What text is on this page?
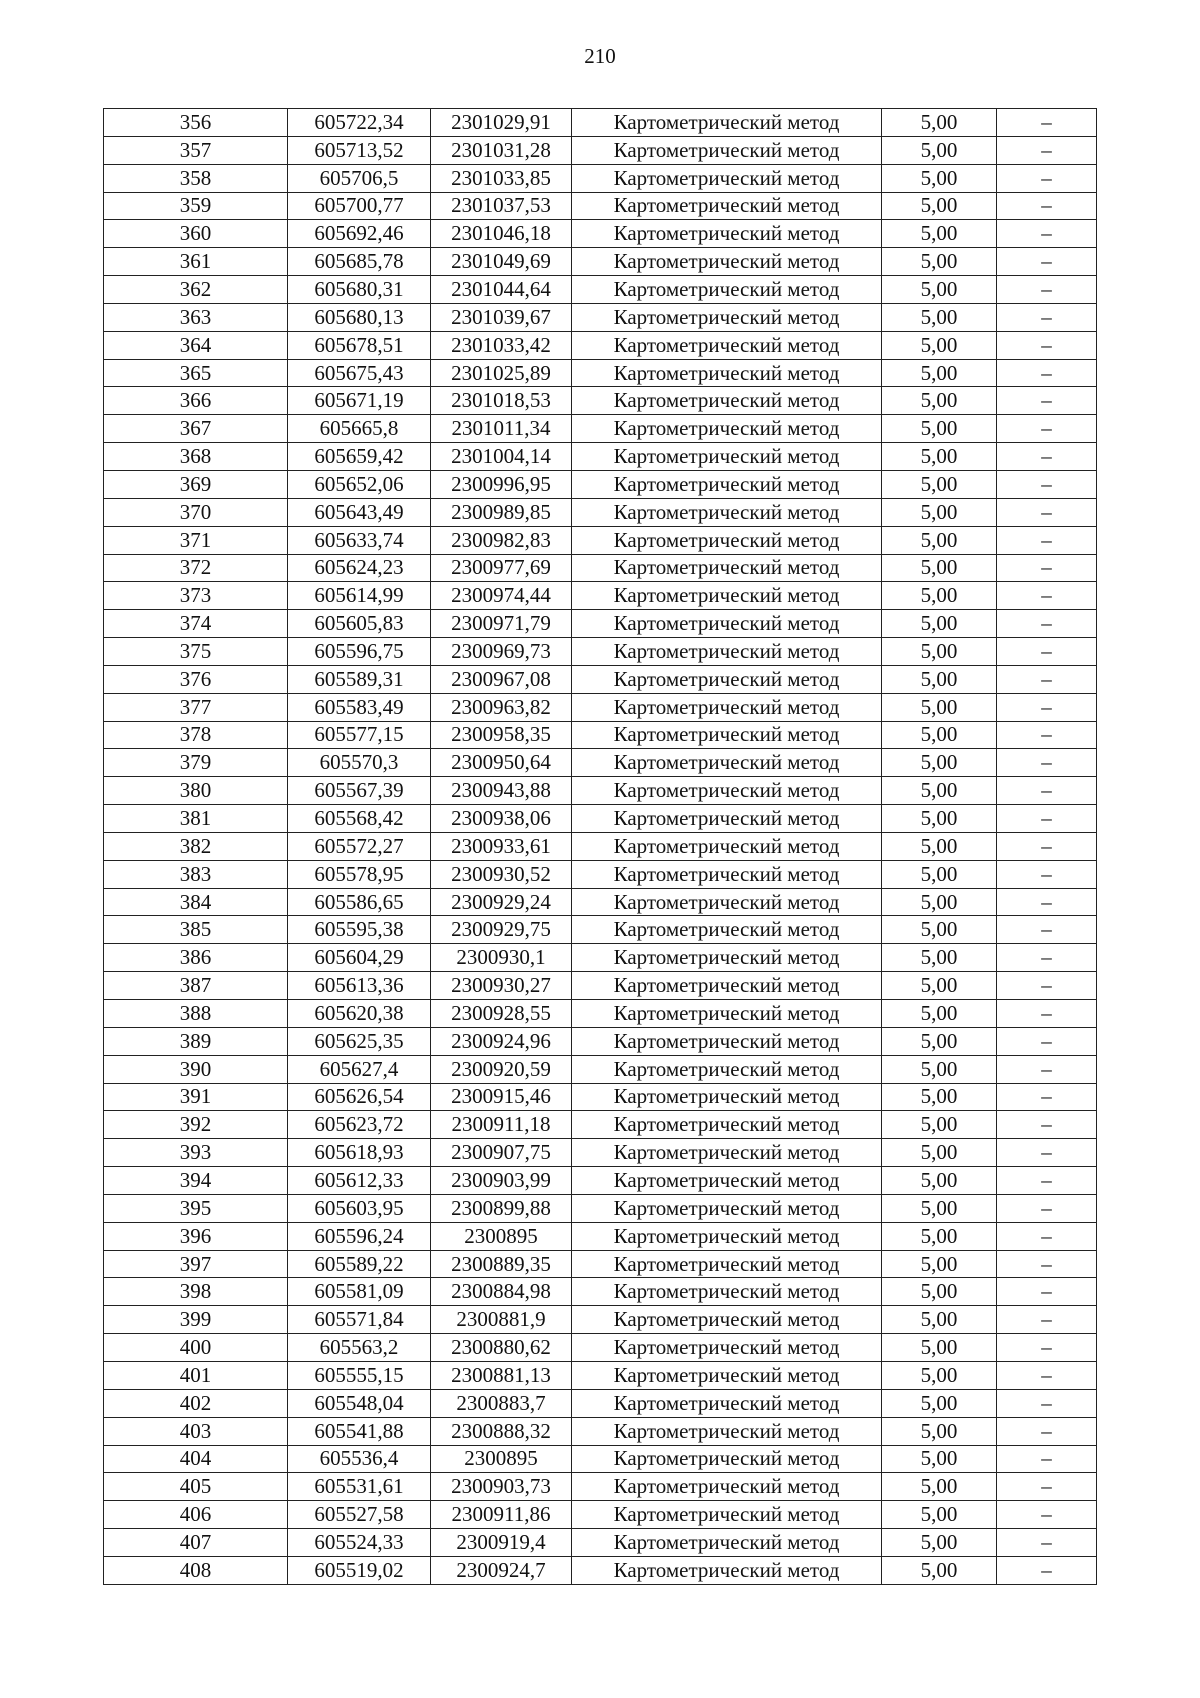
210
356	605722,34	2301029,91	Картометрический метод	5,00	–
357	605713,52	2301031,28	Картометрический метод	5,00	–
358	605706,5	2301033,85	Картометрический метод	5,00	–
359	605700,77	2301037,53	Картометрический метод	5,00	–
360	605692,46	2301046,18	Картометрический метод	5,00	–
361	605685,78	2301049,69	Картометрический метод	5,00	–
362	605680,31	2301044,64	Картометрический метод	5,00	–
363	605680,13	2301039,67	Картометрический метод	5,00	–
364	605678,51	2301033,42	Картометрический метод	5,00	–
365	605675,43	2301025,89	Картометрический метод	5,00	–
366	605671,19	2301018,53	Картометрический метод	5,00	–
367	605665,8	2301011,34	Картометрический метод	5,00	–
368	605659,42	2301004,14	Картометрический метод	5,00	–
369	605652,06	2300996,95	Картометрический метод	5,00	–
370	605643,49	2300989,85	Картометрический метод	5,00	–
371	605633,74	2300982,83	Картометрический метод	5,00	–
372	605624,23	2300977,69	Картометрический метод	5,00	–
373	605614,99	2300974,44	Картометрический метод	5,00	–
374	605605,83	2300971,79	Картометрический метод	5,00	–
375	605596,75	2300969,73	Картометрический метод	5,00	–
376	605589,31	2300967,08	Картометрический метод	5,00	–
377	605583,49	2300963,82	Картометрический метод	5,00	–
378	605577,15	2300958,35	Картометрический метод	5,00	–
379	605570,3	2300950,64	Картометрический метод	5,00	–
380	605567,39	2300943,88	Картометрический метод	5,00	–
381	605568,42	2300938,06	Картометрический метод	5,00	–
382	605572,27	2300933,61	Картометрический метод	5,00	–
383	605578,95	2300930,52	Картометрический метод	5,00	–
384	605586,65	2300929,24	Картометрический метод	5,00	–
385	605595,38	2300929,75	Картометрический метод	5,00	–
386	605604,29	2300930,1	Картометрический метод	5,00	–
387	605613,36	2300930,27	Картометрический метод	5,00	–
388	605620,38	2300928,55	Картометрический метод	5,00	–
389	605625,35	2300924,96	Картометрический метод	5,00	–
390	605627,4	2300920,59	Картометрический метод	5,00	–
391	605626,54	2300915,46	Картометрический метод	5,00	–
392	605623,72	2300911,18	Картометрический метод	5,00	–
393	605618,93	2300907,75	Картометрический метод	5,00	–
394	605612,33	2300903,99	Картометрический метод	5,00	–
395	605603,95	2300899,88	Картометрический метод	5,00	–
396	605596,24	2300895	Картометрический метод	5,00	–
397	605589,22	2300889,35	Картометрический метод	5,00	–
398	605581,09	2300884,98	Картометрический метод	5,00	–
399	605571,84	2300881,9	Картометрический метод	5,00	–
400	605563,2	2300880,62	Картометрический метод	5,00	–
401	605555,15	2300881,13	Картометрический метод	5,00	–
402	605548,04	2300883,7	Картометрический метод	5,00	–
403	605541,88	2300888,32	Картометрический метод	5,00	–
404	605536,4	2300895	Картометрический метод	5,00	–
405	605531,61	2300903,73	Картометрический метод	5,00	–
406	605527,58	2300911,86	Картометрический метод	5,00	–
407	605524,33	2300919,4	Картометрический метод	5,00	–
408	605519,02	2300924,7	Картометрический метод	5,00	–
